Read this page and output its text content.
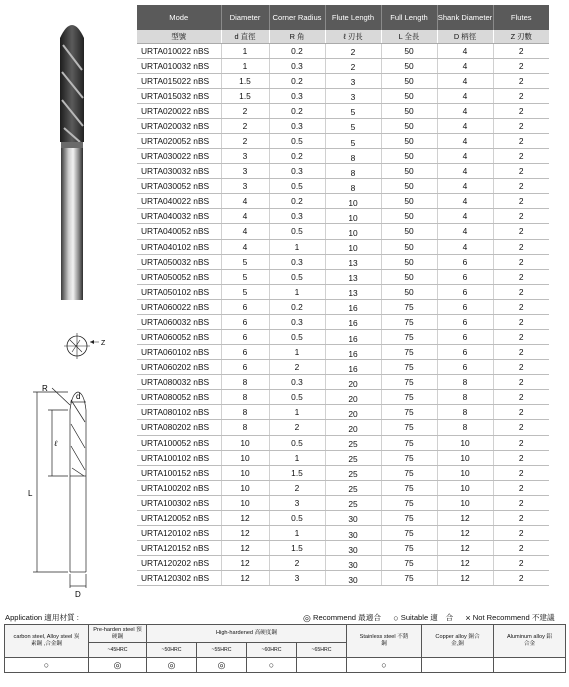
Z
R
d
ℓ
L
D
Mode	Diameter	Corner Radius	Flute Length	Full Length	Shank Diameter	Flutes
型號	d 直徑	R 角	ℓ 刃長	L 全長	D 柄徑	Z 刃數
URTA010022 nBS	1	0.2	2	50	4	2
URTA010032 nBS	1	0.3	2	50	4	2
URTA015022 nBS	1.5	0.2	3	50	4	2
URTA015032 nBS	1.5	0.3	3	50	4	2
URTA020022 nBS	2	0.2	5	50	4	2
URTA020032 nBS	2	0.3	5	50	4	2
URTA020052 nBS	2	0.5	5	50	4	2
URTA030022 nBS	3	0.2	8	50	4	2
URTA030032 nBS	3	0.3	8	50	4	2
URTA030052 nBS	3	0.5	8	50	4	2
URTA040022 nBS	4	0.2	10	50	4	2
URTA040032 nBS	4	0.3	10	50	4	2
URTA040052 nBS	4	0.5	10	50	4	2
URTA040102 nBS	4	1	10	50	4	2
URTA050032 nBS	5	0.3	13	50	6	2
URTA050052 nBS	5	0.5	13	50	6	2
URTA050102 nBS	5	1	13	50	6	2
URTA060022 nBS	6	0.2	16	75	6	2
URTA060032 nBS	6	0.3	16	75	6	2
URTA060052 nBS	6	0.5	16	75	6	2
URTA060102 nBS	6	1	16	75	6	2
URTA060202 nBS	6	2	16	75	6	2
URTA080032 nBS	8	0.3	20	75	8	2
URTA080052 nBS	8	0.5	20	75	8	2
URTA080102 nBS	8	1	20	75	8	2
URTA080202 nBS	8	2	20	75	8	2
URTA100052 nBS	10	0.5	25	75	10	2
URTA100102 nBS	10	1	25	75	10	2
URTA100152 nBS	10	1.5	25	75	10	2
URTA100202 nBS	10	2	25	75	10	2
URTA100302 nBS	10	3	25	75	10	2
URTA120052 nBS	12	0.5	30	75	12	2
URTA120102 nBS	12	1	30	75	12	2
URTA120152 nBS	12	1.5	30	75	12	2
URTA120202 nBS	12	2	30	75	12	2
URTA120302 nBS	12	3	30	75	12	2
Application 適用材質 :	◎ Recommend 最適合 ○ Suitable 適　合 × Not Recommend 不建議
carbon steel, Alloy steel 炭素鋼 ,合金鋼	Pre-harden steel 預硬鋼	High-hardened 高硬度鋼				Stainless steel 不銹鋼	Copper alloy 銅合金,銅	Aluminum alloy 鋁合金
	~45HRC	~50HRC	~55HRC	~60HRC	~65HRC			
○	◎	◎	◎	○		○		
